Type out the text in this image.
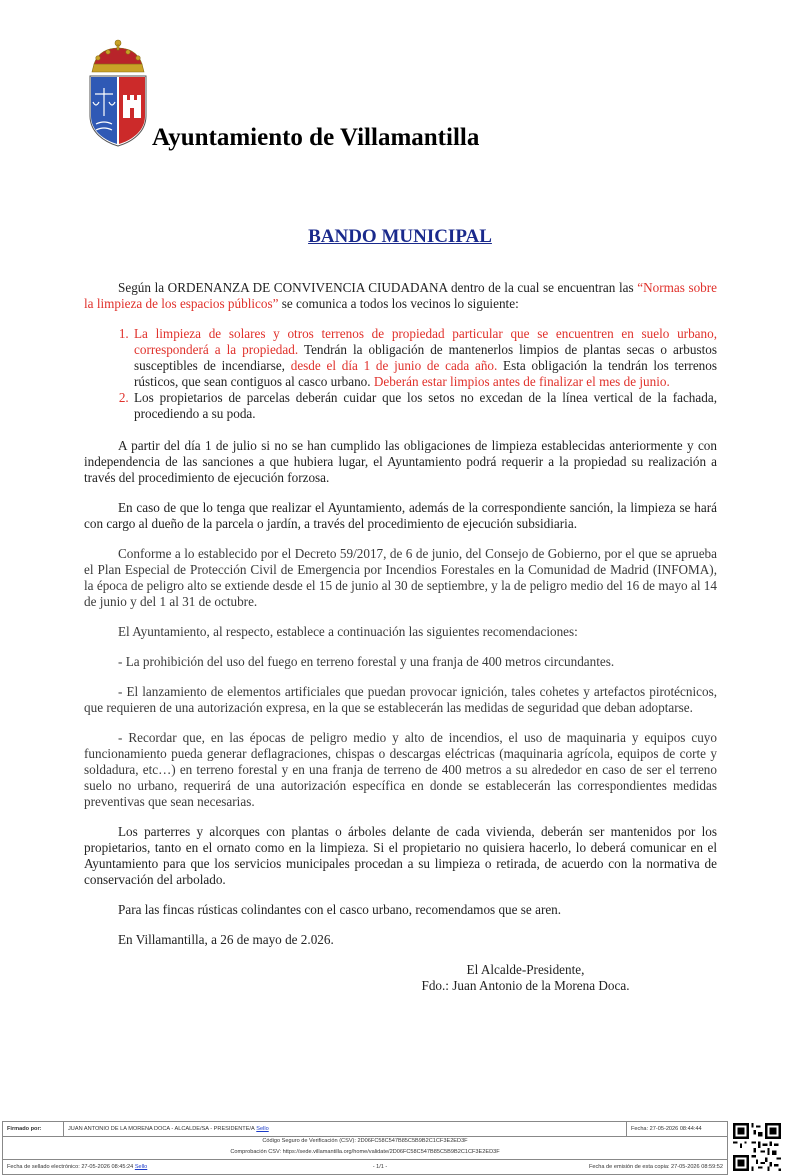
Ayuntamiento de Villamantilla
BANDO MUNICIPAL

Según la ORDENANZA DE CONVIVENCIA CIUDADANA dentro de la cual se encuentran las “Normas sobre la limpieza de los espacios públicos” se comunica a todos los vecinos lo siguiente:

1. La limpieza de solares y otros terrenos de propiedad particular que se encuentren en suelo urbano, corresponderá a la propiedad. Tendrán la obligación de mantenerlos limpios de plantas secas o arbustos susceptibles de incendiarse, desde el día 1 de junio de cada año. Esta obligación la tendrán los terrenos rústicos, que sean contiguos al casco urbano. Deberán estar limpios antes de finalizar el mes de junio.
2. Los propietarios de parcelas deberán cuidar que los setos no excedan de la línea vertical de la fachada, procediendo a su poda.

A partir del día 1 de julio si no se han cumplido las obligaciones de limpieza establecidas anteriormente y con independencia de las sanciones a que hubiera lugar, el Ayuntamiento podrá requerir a la propiedad su realización a través del procedimiento de ejecución forzosa.

En caso de que lo tenga que realizar el Ayuntamiento, además de la correspondiente sanción, la limpieza se hará con cargo al dueño de la parcela o jardín, a través del procedimiento de ejecución subsidiaria.

Conforme a lo establecido por el Decreto 59/2017, de 6 de junio, del Consejo de Gobierno, por el que se aprueba el Plan Especial de Protección Civil de Emergencia por Incendios Forestales en la Comunidad de Madrid (INFOMA), la época de peligro alto se extiende desde el 15 de junio al 30 de septiembre, y la de peligro medio del 16 de mayo al 14 de junio y del 1 al 31 de octubre.

El Ayuntamiento, al respecto, establece a continuación las siguientes recomendaciones:

- La prohibición del uso del fuego en terreno forestal y una franja de 400 metros circundantes.

- El lanzamiento de elementos artificiales que puedan provocar ignición, tales cohetes y artefactos pirotécnicos, que requieren de una autorización expresa, en la que se establecerán las medidas de seguridad que deban adoptarse.

- Recordar que, en las épocas de peligro medio y alto de incendios, el uso de maquinaria y equipos cuyo funcionamiento pueda generar deflagraciones, chispas o descargas eléctricas (maquinaria agrícola, equipos de corte y soldadura, etc…) en terreno forestal y en una franja de terreno de 400 metros a su alrededor en caso de ser el terreno suelo no urbano, requerirá de una autorización específica en donde se establecerán las correspondientes medidas preventivas que sean necesarias.

Los parterres y alcorques con plantas o árboles delante de cada vivienda, deberán ser mantenidos por los propietarios, tanto en el ornato como en la limpieza. Si el propietario no quisiera hacerlo, lo deberá comunicar en el Ayuntamiento para que los servicios municipales procedan a su limpieza o retirada, de acuerdo con la normativa de conservación del arbolado.

Para las fincas rústicas colindantes con el casco urbano, recomendamos que se aren.

En Villamantilla, a 26 de mayo de 2.026.

El Alcalde-Presidente,
Fdo.: Juan Antonio de la Morena Doca.
Firmado por:	JUAN ANTONIO DE LA MORENA DOCA - ALCALDE/SA - PRESIDENTE/A
Sello	Fecha: 27-05-2026 08:44:44
Código Seguro de Verificación (CSV): 2D06FC58C547B85C5B9B2C1CF3E2ED3F
Comprobación CSV: https://sede.villamantilla.org/home/validate/2D06FC58C547B85C5B9B2C1CF3E2ED3F
Fecha de sellado electrónico: 27-05-2026 08:45:24 Sello	- 1/1 -	Fecha de emisión de esta copia: 27-05-2026 08:59:52
